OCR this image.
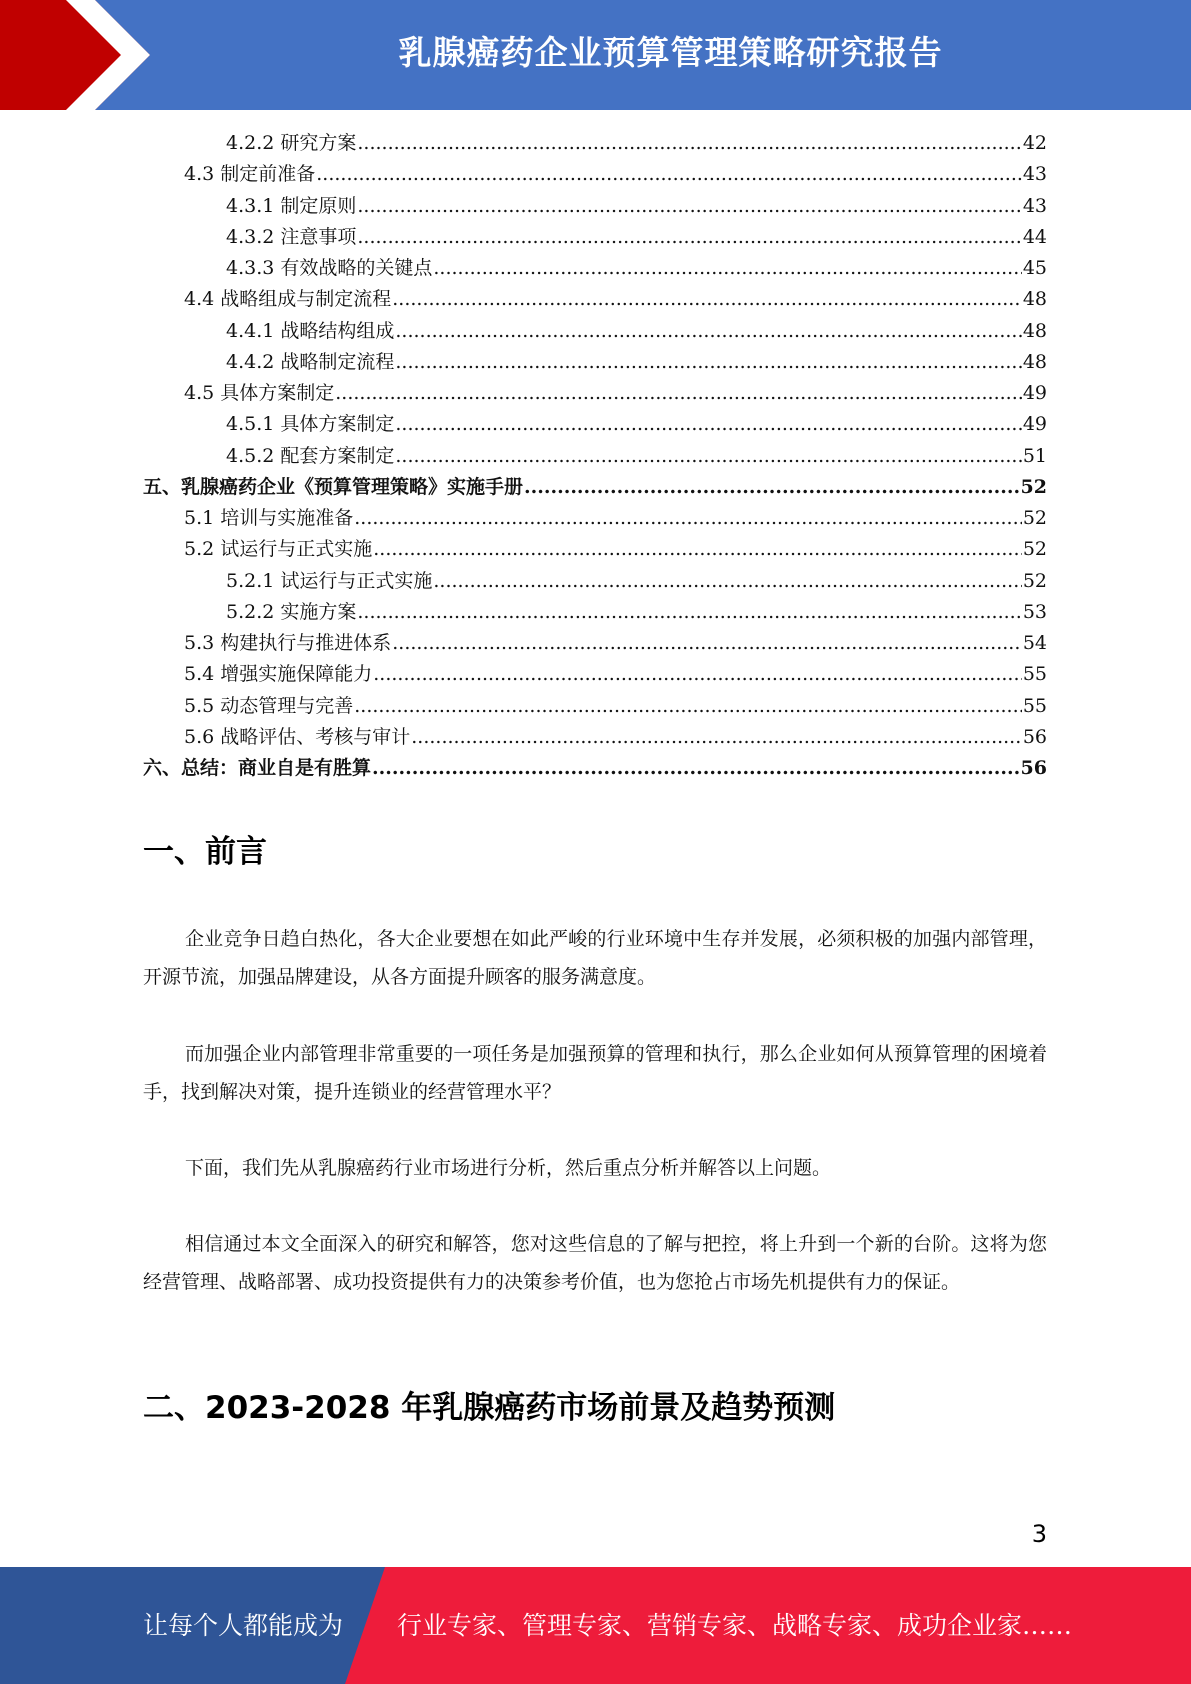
乳腺癌药企业预算管理策略研究报告
4.2.2 研究方案 .....	42
4.3 制定前准备 .....	43
4.3.1 制定原则 .....	43
4.3.2 注意事项 .....	44
4.3.3 有效战略的关键点 .....	45
4.4 战略组成与制定流程 .....	48
4.4.1 战略结构组成 .....	48
4.4.2 战略制定流程 .....	48
4.5 具体方案制定 .....	49
4.5.1 具体方案制定 .....	49
4.5.2 配套方案制定 .....	51
五、乳腺癌药企业《预算管理策略》实施手册 .....	52
5.1 培训与实施准备 .....	52
5.2 试运行与正式实施 .....	52
5.2.1 试运行与正式实施 .....	52
5.2.2 实施方案 .....	53
5.3 构建执行与推进体系 .....	54
5.4 增强实施保障能力 .....	55
5.5 动态管理与完善 .....	55
5.6 战略评估、考核与审计 .....	56
六、总结：商业自是有胜算 .....	56
一、前言
企业竞争日趋白热化，各大企业要想在如此严峻的行业环境中生存并发展，必须积极的加强内部管理，开源节流，加强品牌建设，从各方面提升顾客的服务满意度。
而加强企业内部管理非常重要的一项任务是加强预算的管理和执行，那么企业如何从预算管理的困境着手，找到解决对策，提升连锁业的经营管理水平？
下面，我们先从乳腺癌药行业市场进行分析，然后重点分析并解答以上问题。
相信通过本文全面深入的研究和解答，您对这些信息的了解与把控，将上升到一个新的台阶。这将为您经营管理、战略部署、成功投资提供有力的决策参考价值，也为您抢占市场先机提供有力的保证。
二、2023-2028 年乳腺癌药市场前景及趋势预测
3
让每个人都能成为 行业专家、管理专家、营销专家、战略专家、成功企业家……
